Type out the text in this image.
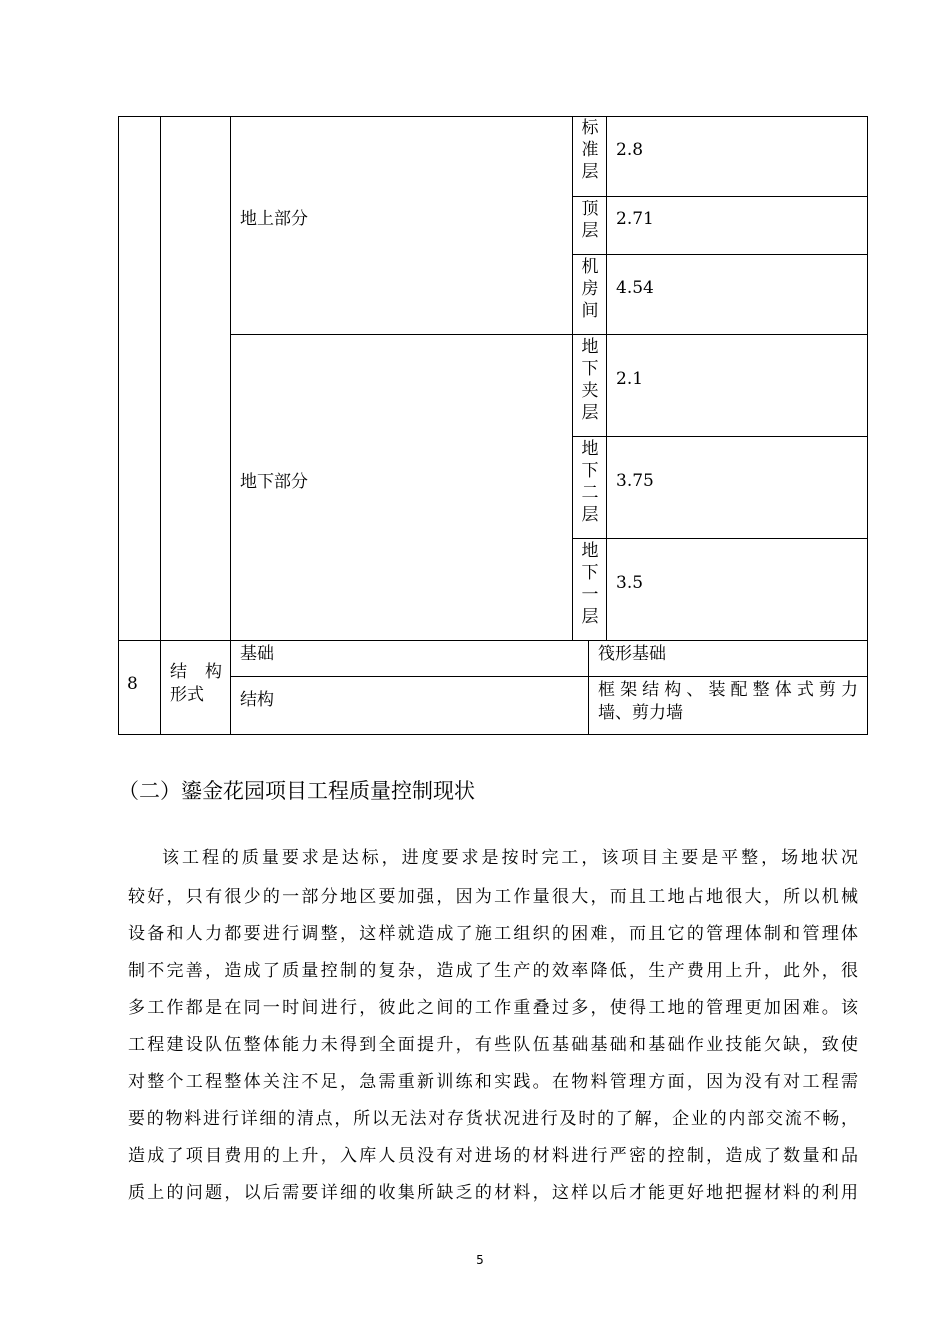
地上部分
标
准
层
2.8
顶
层
2.71
机
房
间
4.54
地下部分
地
下
夹
层
2.1
地
下
二
层
3.75
地
下
一
层
3.5
8
结构
形式
基础	筏形基础
结构	框架结构、装配整体式剪力
墙、剪力墙
（二）鎏金花园项目工程质量控制现状
该工程的质量要求是达标，进度要求是按时完工，该项目主要是平整，场地状况
较好，只有很少的一部分地区要加强，因为工作量很大，而且工地占地很大，所以机械
设备和人力都要进行调整，这样就造成了施工组织的困难，而且它的管理体制和管理体
制不完善，造成了质量控制的复杂，造成了生产的效率降低，生产费用上升，此外，很
多工作都是在同一时间进行，彼此之间的工作重叠过多，使得工地的管理更加困难。该
工程建设队伍整体能力未得到全面提升，有些队伍基础基础和基础作业技能欠缺，致使
对整个工程整体关注不足，急需重新训练和实践。在物料管理方面，因为没有对工程需
要的物料进行详细的清点，所以无法对存货状况进行及时的了解，企业的内部交流不畅，
造成了项目费用的上升，入库人员没有对进场的材料进行严密的控制，造成了数量和品
质上的问题，以后需要详细的收集所缺乏的材料，这样以后才能更好地把握材料的利用
5
